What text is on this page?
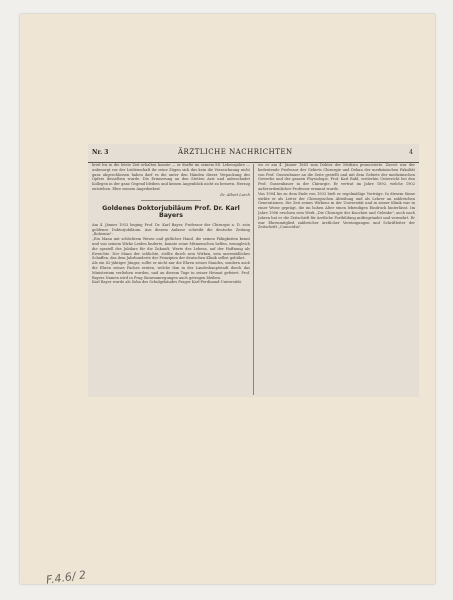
Nr. 3	ÄRZTLICHE NACHRICHTEN	4

breit bis in die letzte Zeit erhalten konnte — er durfte im seinem 88. Lebensjahre — unbesorgt vor der Leidenschaft ihr seine Zügen sich das kein die Verzeichnung nicht ganz abgeschlossen haben darf es die unter den Händen dieser Verpackung des Opfers desselben wurde. Die Erinnerung an den Stetten Arzt und unbeschadet Kollegen in der ganz Gegend bleiben und keinen Augenblick nicht zu bessern. Herzog entstehen. Ehre seinem Angedenken!

Dr. Albert Lurch

Goldenes Doktorjubiläum Prof. Dr. Karl Bayers

Am 4. Jänner 1933 beging Prof. Dr. Karl Bayer, Professor der Chirurgie a. D. sein goldenes Doktorjubiläum. Aus diesem Anlasse schreibt die deutsche Zeitung „Bohemia":

„Ein Mann mit schlichtem Wesen und gütlicher Hand, die seinen Fähigkeiten kennt und von seinem Wirke Leiden linderte, konnte seine Mitmenschen helfen, wenngleich die speziell des Jubilars für die Zukunft, Werte des Lebens, auf der Hoffnung als Erreichte. Der Mann der schlichte, stellte durch sein Wirken, sein unermüdliches Schaffen, das dem Jahrhunderte der Prinzipien der deutschen Klinik selbst gebührt.

Als ein 82-jähriger Jünger, sollte er nicht nur die Ehren seines Standes, sondern auch die Ehren seines Faches ernten, welche ihm in der Landeshauptstadt durch das Ministerium verliehen wurden, und an diesem Tage in seiner Heimat gefeiert. Prof. Bayers Namen wird in Prag Sinnesanregungen auch getragen bleiben.

Karl Bayer wurde als Sohn des Schulgebäudes Prager Karl-Ferdinand-Universität.

wo er am 4. Jänner 1883 zum Doktor der Medizin promovierte. Zuerst war der bedeutende Professor der Gebiets Chirurgie und Dekan der medizinischen Fakultät von Prof. Gussenbauer an die Seite gestellt und mit dem Gebiete der medizinischen Gewerbe und der ganzen Physiologie, Prof. Karl Rabl, weiterhin Unterricht bei den Prof. Gussenbauer in der Chirurgie. Er vertrat im Jahre 1892, welche 1902 außerordentlicher Professor ernannt wurde.

Von 1904 bis zu dem Ende von 1933 hielt er regelmäßige Vorträge. In diesem Sinne wirkte er als Leiter der Chirurgischen Abteilung und als Lehrer an zahlreichen Generationen. Die Zeit seines Wirkens in der Universität und in seiner Klinik war in einer Weise geprägt, die im hohen Alter einen lebendigen Eindruck hinterlässt. Im Jahre 1906 erschien sein Werk „Die Chirurgie der Knochen und Gelenke"; auch nach Jahren hat er die Zeitschrift für ärztliche Fortbildung mitbegründet und vermehrt. Er war Ehrenmitglied zahlreicher ärztlicher Vereinigungen und Schriftleiter der Zeitschrift „Concordia".

F.4.6/ 2
